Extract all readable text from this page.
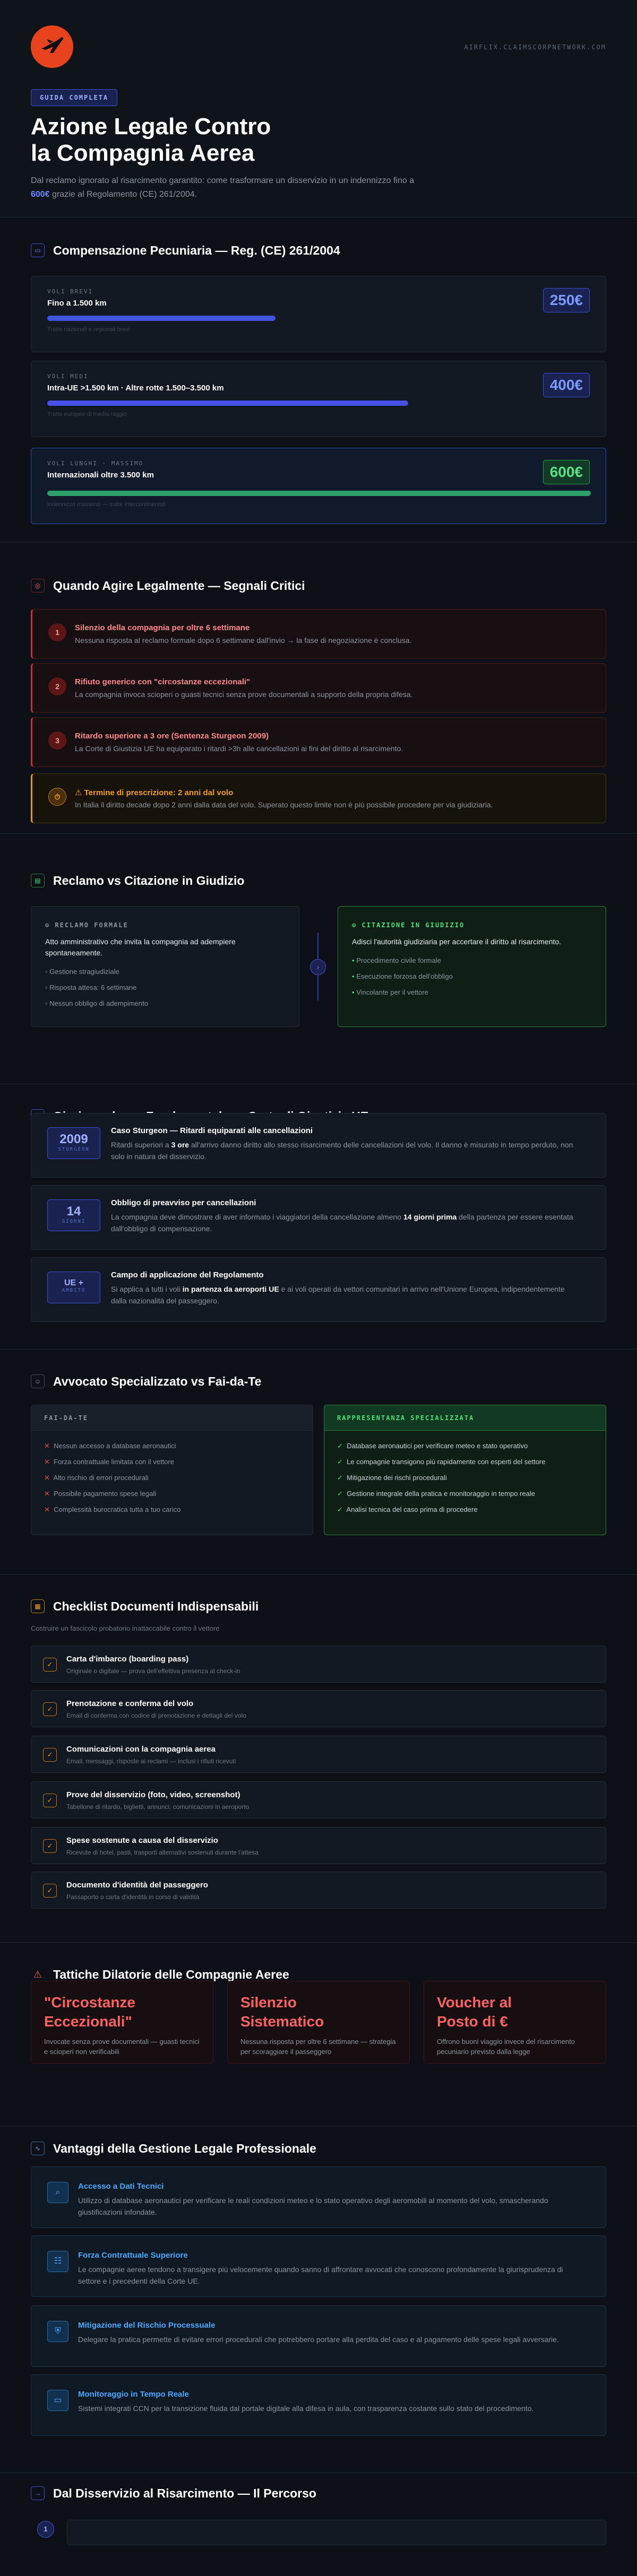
AIRFLIX.CLAIMSCORPNETWORK.COM
GUIDA COMPLETA
Azione Legale Contro
la Compagnia Aerea

Dal reclamo ignorato al risarcimento garantito: come trasformare un disservizio in un indennizzo fino a 600€ grazie al Regolamento (CE) 261/2004.

▭	Compensazione Pecuniaria — Reg. (CE) 261/2004
VOLI BREVI
Fino a 1.500 km	250€
Tratte nazionali e regionali brevi
VOLI MEDI
Intra-UE >1.500 km · Altre rotte 1.500–3.500 km	400€
Tratte europee di media raggio
VOLI LUNGHI · MASSIMO
Internazionali oltre 3.500 km	600€
Indennizzo massimo — tratte intercontinentali
◎	Quando Agire Legalmente — Segnali Critici
1	Silenzio della compagnia per oltre 6 settimane
Nessuna risposta al reclamo formale dopo 6 settimane dall'invio → la fase di negoziazione è conclusa.
2	Rifiuto generico con "circostanze eccezionali"
La compagnia invoca scioperi o guasti tecnici senza prove documentali a supporto della propria difesa.
3	Ritardo superiore a 3 ore (Sentenza Sturgeon 2009)
La Corte di Giustizia UE ha equiparato i ritardi >3h alle cancellazioni ai fini del diritto al risarcimento.
⏱	⚠ Termine di prescrizione: 2 anni dal volo
In Italia il diritto decade dopo 2 anni dalla data del volo. Superato questo limite non è più possibile procedere per via giudiziaria.
▤	Reclamo vs Citazione in Giudizio
⊙ RECLAMO FORMALE
Atto amministrativo che invita la compagnia ad adempiere spontaneamente.
◦ Gestione stragiudiziale
◦ Risposta attesa: 6 settimane
◦ Nessun obbligo di adempimento
›
⊙ CITAZIONE IN GIUDIZIO
Adisci l'autorità giudiziaria per accertare il diritto al risarcimento.
• Procedimento civile formale
• Esecuzione forzosa dell'obbligo
• Vincolante per il vettore
2009
STURGEON
Caso Sturgeon — Ritardi equiparati alle cancellazioni
Ritardi superiori a 3 ore all'arrivo danno diritto allo stesso risarcimento delle cancellazioni del volo. Il danno è misurato in tempo perduto, non solo in natura del disservizio.
14
GIORNI
Obbligo di preavviso per cancellazioni
La compagnia deve dimostrare di aver informato i viaggiatori della cancellazione almeno 14 giorni prima della partenza per essere esentata dall'obbligo di compensazione.
UE +
AMBITO
Campo di applicazione del Regolamento
Si applica a tutti i voli in partenza da aeroporti UE e ai voli operati da vettori comunitari in arrivo nell'Unione Europea, indipendentemente dalla nazionalità del passeggero.
☺ Avvocato Specializzato vs Fai-da-Te
FAI-DA-TE
✕ Nessun accesso a database aeronautici
✕ Forza contrattuale limitata con il vettore
✕ Alto rischio di errori procedurali
✕ Possibile pagamento spese legali
✕ Complessità burocratica tutta a tuo carico
RAPPRESENTANZA SPECIALIZZATA
✓ Database aeronautici per verificare meteo e stato operativo
✓ Le compagnie transigono più rapidamente con esperti del settore
✓ Mitigazione dei rischi procedurali
✓ Gestione integrale della pratica e monitoraggio in tempo reale
✓ Analisi tecnica del caso prima di procedere
▦	Checklist Documenti Indispensabili
Costruire un fascicolo probatorio inattaccabile contro il vettore
✓
Carta d'imbarco (boarding pass)
Originale o digitale — prova dell'effettiva presenza al check-in
✓
Prenotazione e conferma del volo
Email di conferma con codice di prenotazione e dettagli del volo
✓
Comunicazioni con la compagnia aerea
Email, messaggi, risposte ai reclami — inclusi i rifiuti ricevuti
✓
Prove del disservizio (foto, video, screenshot)
Tabellone di ritardo, biglietti, annunci, comunicazioni in aeroporto
✓
Spese sostenute a causa del disservizio
Ricevute di hotel, pasti, trasporti alternativi sostenuti durante l'attesa
✓
Documento d'identità del passeggero
Passaporto o carta d'identità in corso di validità
⚠ Tattiche Dilatorie delle Compagnie Aeree
"Circostanze
Eccezionali"
Invocate senza prove documentali — guasti tecnici e scioperi non verificabili
Silenzio
Sistematico
Nessuna risposta per oltre 6 settimane — strategia per scoraggiare il passeggero
Voucher al
Posto di €
Offrono buoni viaggio invece del risarcimento pecuniario previsto dalla legge
∿	Vantaggi della Gestione Legale Professionale
⌕
Accesso a Dati Tecnici
Utilizzo di database aeronautici per verificare le reali condizioni meteo e lo stato operativo degli aeromobili al momento del volo, smascherando giustificazioni infondate.
☷
Forza Contrattuale Superiore
Le compagnie aeree tendono a transigere più velocemente quando sanno di affrontare avvocati che conoscono profondamente la giurisprudenza di settore e i precedenti della Corte UE.
⛨
Mitigazione del Rischio Processuale
Delegare la pratica permette di evitare errori procedurali che potrebbero portare alla perdita del caso e al pagamento delle spese legali avversarie.
▭
Monitoraggio in Tempo Reale
Sistemi integrati CCN per la transizione fluida dal portale digitale alla difesa in aula, con trasparenza costante sullo stato del procedimento.
→	Dal Disservizio al Risarcimento — Il Percorso
1
